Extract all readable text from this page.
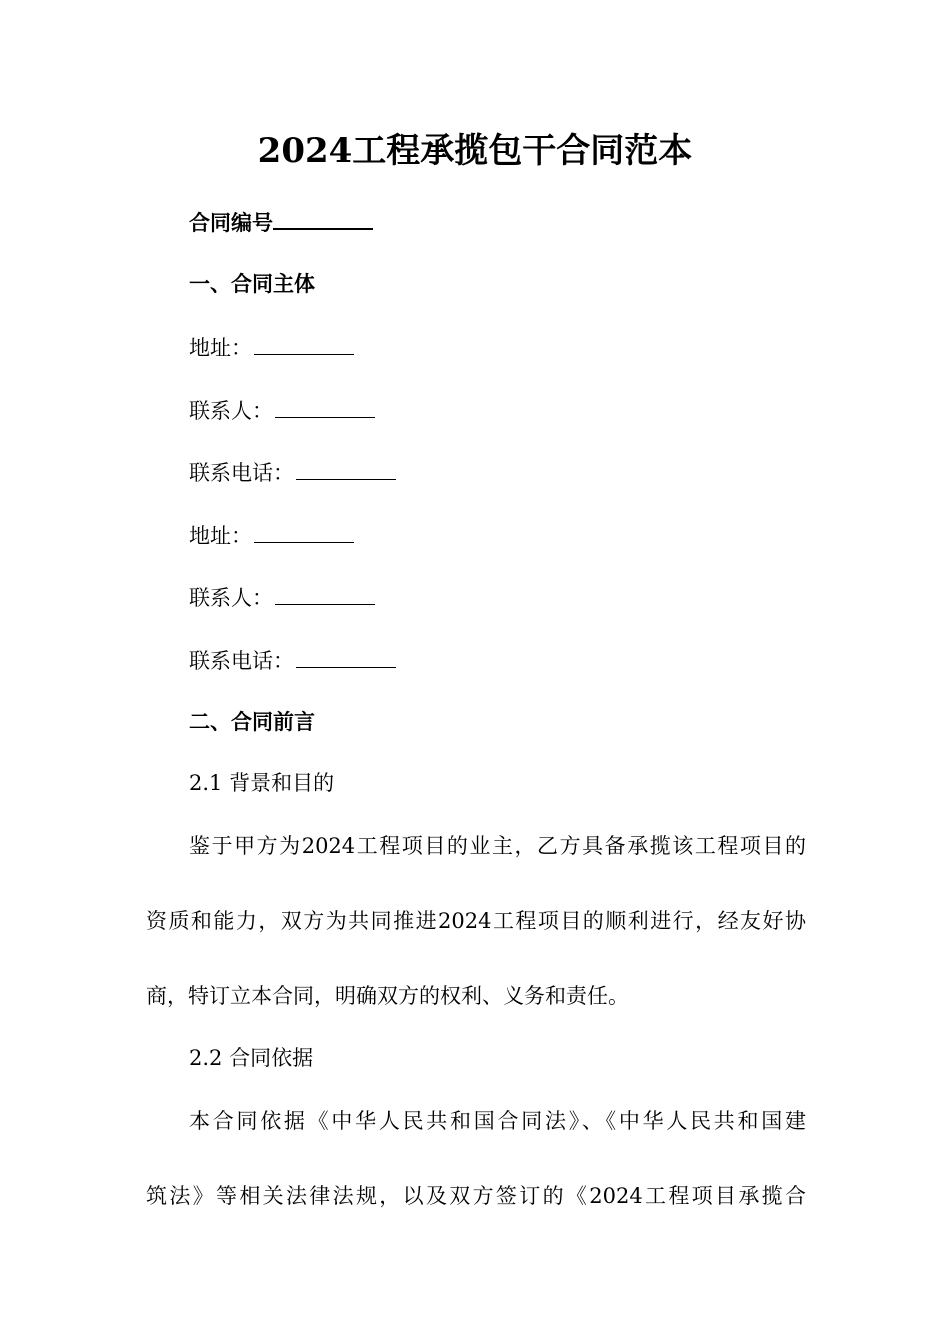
2024工程承揽包干合同范本
合同编号
一、合同主体
地址：
联系人：
联系电话：
地址：
联系人：
联系电话：
二、合同前言
2.1 背景和目的
鉴于甲方为2024工程项目的业主，乙方具备承揽该工程项目的
资质和能力，双方为共同推进2024工程项目的顺利进行，经友好协
商，特订立本合同，明确双方的权利、义务和责任。
2.2 合同依据
本合同依据《中华人民共和国合同法》、《中华人民共和国建
筑法》等相关法律法规，以及双方签订的《2024工程项目承揽合
